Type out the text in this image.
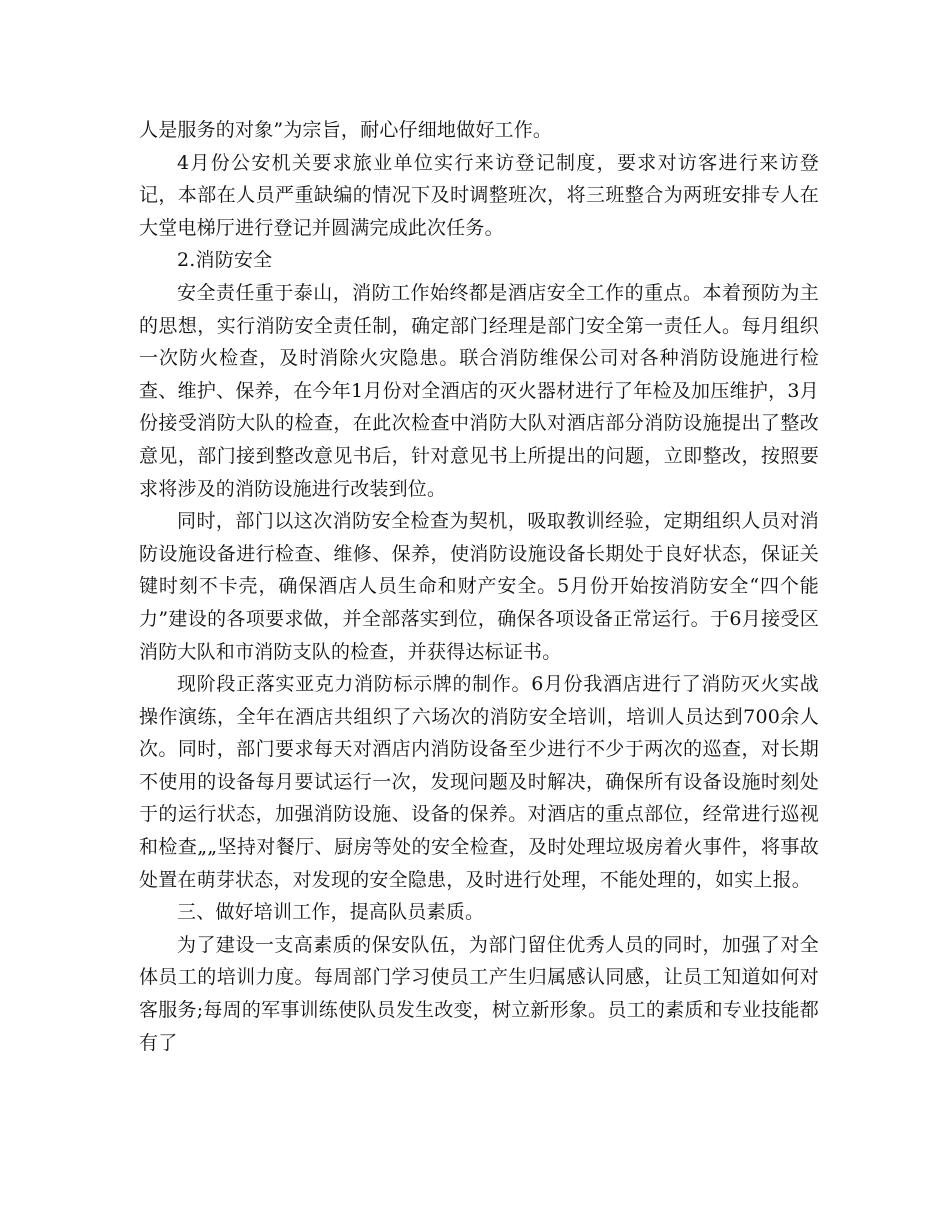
人是服务的对象”为宗旨，耐心仔细地做好工作。

4月份公安机关要求旅业单位实行来访登记制度，要求对访客进行来访登记，本部在人员严重缺编的情况下及时调整班次，将三班整合为两班安排专人在大堂电梯厅进行登记并圆满完成此次任务。

2.消防安全

安全责任重于泰山，消防工作始终都是酒店安全工作的重点。本着预防为主的思想，实行消防安全责任制，确定部门经理是部门安全第一责任人。每月组织一次防火检查，及时消除火灾隐患。联合消防维保公司对各种消防设施进行检查、维护、保养，在今年1月份对全酒店的灭火器材进行了年检及加压维护，3月份接受消防大队的检查，在此次检查中消防大队对酒店部分消防设施提出了整改意见，部门接到整改意见书后，针对意见书上所提出的问题，立即整改，按照要求将涉及的消防设施进行改装到位。

同时，部门以这次消防安全检查为契机，吸取教训经验，定期组织人员对消防设施设备进行检查、维修、保养，使消防设施设备长期处于良好状态，保证关键时刻不卡壳，确保酒店人员生命和财产安全。5月份开始按消防安全“四个能力”建设的各项要求做，并全部落实到位，确保各项设备正常运行。于6月接受区消防大队和市消防支队的检查，并获得达标证书。

现阶段正落实亚克力消防标示牌的制作。6月份我酒店进行了消防灭火实战操作演练，全年在酒店共组织了六场次的消防安全培训，培训人员达到700余人次。同时，部门要求每天对酒店内消防设备至少进行不少于两次的巡查，对长期不使用的设备每月要试运行一次，发现问题及时解决，确保所有设备设施时刻处于的运行状态，加强消防设施、设备的保养。对酒店的重点部位，经常进行巡视和检查„„坚持对餐厅、厨房等处的安全检查，及时处理垃圾房着火事件，将事故处置在萌芽状态，对发现的安全隐患，及时进行处理，不能处理的，如实上报。

三、做好培训工作，提高队员素质。

为了建设一支高素质的保安队伍，为部门留住优秀人员的同时，加强了对全体员工的培训力度。每周部门学习使员工产生归属感认同感，让员工知道如何对客服务;每周的军事训练使队员发生改变，树立新形象。员工的素质和专业技能都有了
